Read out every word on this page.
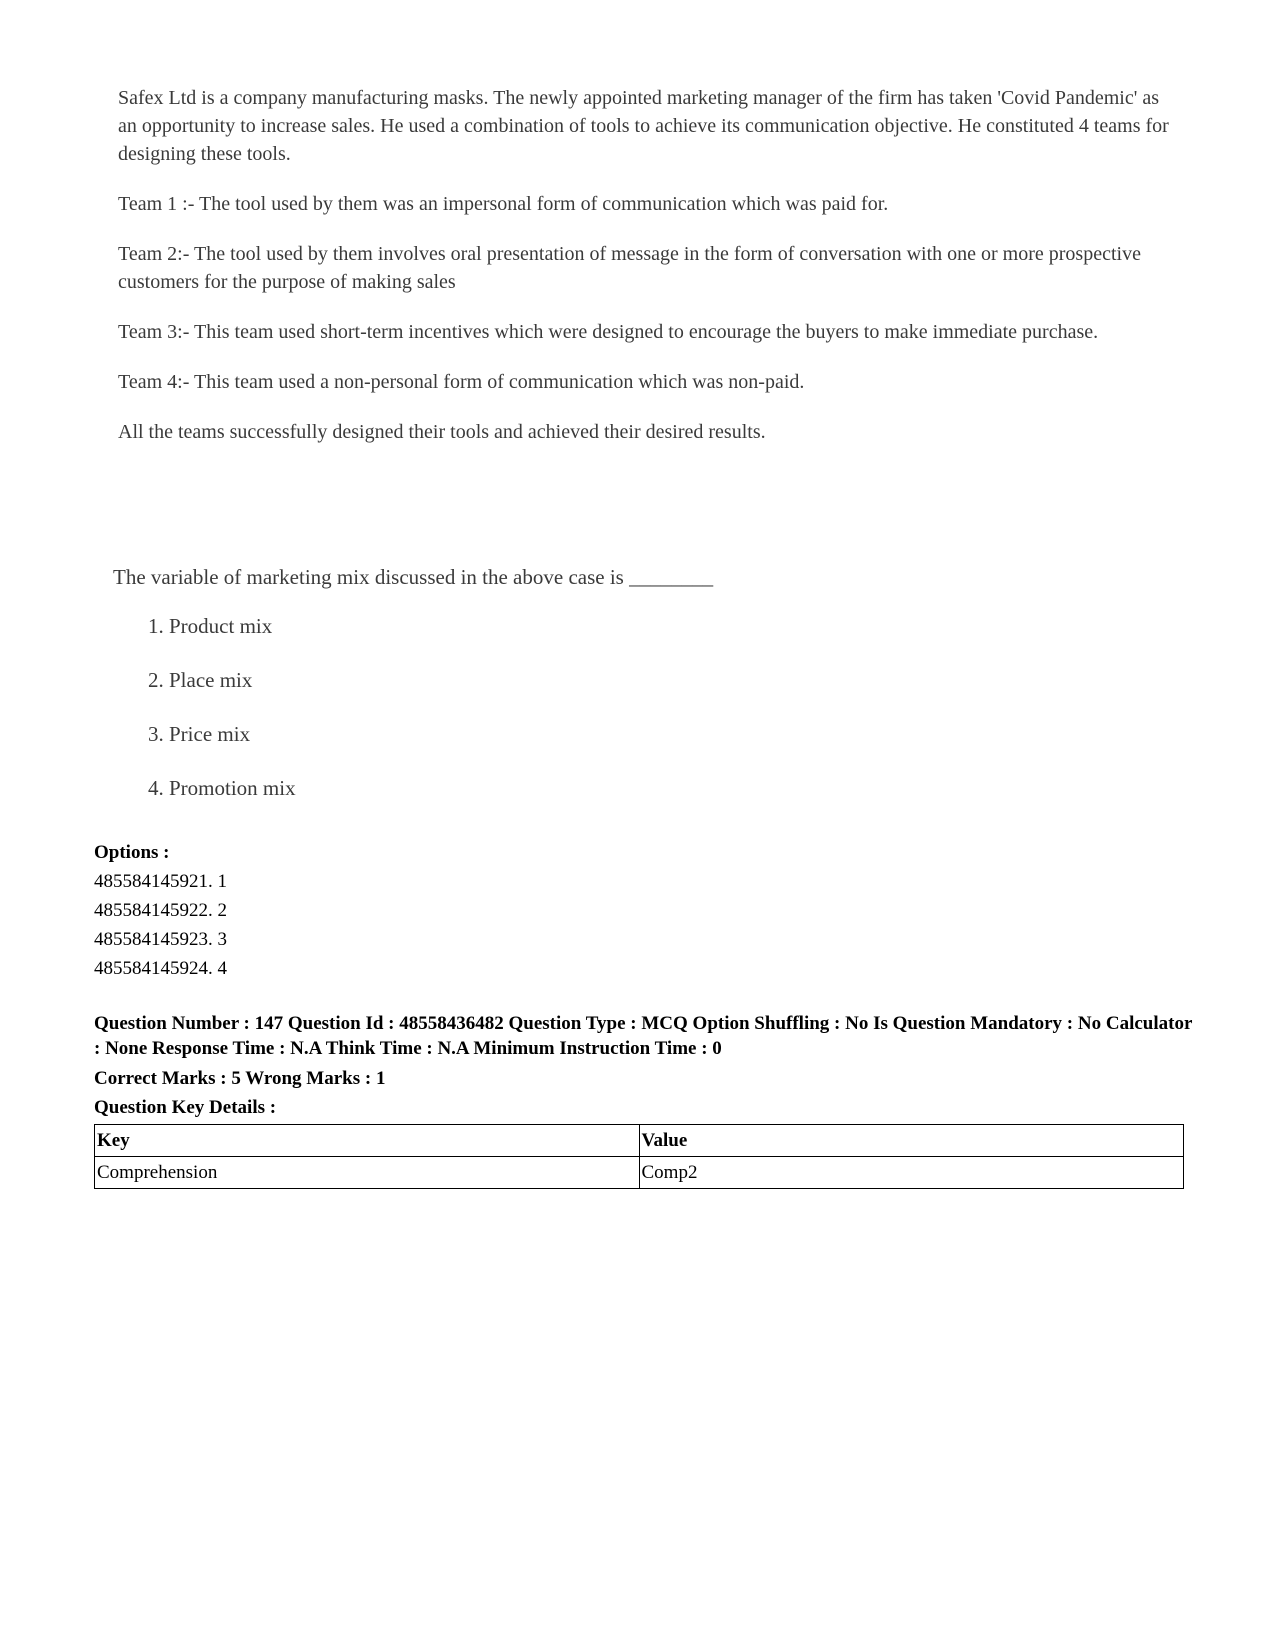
Safex Ltd is a company manufacturing masks. The newly appointed marketing manager of the firm has taken 'Covid Pandemic' as an opportunity to increase sales. He used a combination of tools to achieve its communication objective. He constituted 4 teams for designing these tools.

Team 1 :- The tool used by them was an impersonal form of communication which was paid for.

Team 2:- The tool used by them involves oral presentation of message in the form of conversation with one or more prospective customers for the purpose of making sales

Team 3:- This team used short-term incentives which were designed to encourage the buyers to make immediate purchase.

Team 4:- This team used a non-personal form of communication which was non-paid.

All the teams successfully designed their tools and achieved their desired results.

The variable of marketing mix discussed in the above case is ________
1. Product mix
2. Place mix
3. Price mix
4. Promotion mix
Options :
485584145921. 1
485584145922. 2
485584145923. 3
485584145924. 4
Question Number : 147 Question Id : 48558436482 Question Type : MCQ Option Shuffling : No Is Question Mandatory : No Calculator : None Response Time : N.A Think Time : N.A Minimum Instruction Time : 0
Correct Marks : 5 Wrong Marks : 1
Question Key Details :
Key	Value
Comprehension	Comp2
